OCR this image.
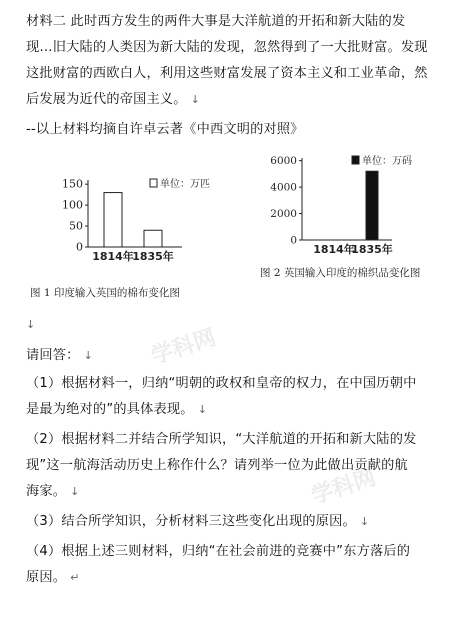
材料二 此时西方发生的两件大事是大洋航道的开拓和新大陆的发
现…旧大陆的人类因为新大陆的发现，忽然得到了一大批财富。发现
这批财富的西欧白人，利用这些财富发展了资本主义和工业革命，然
后发展为近代的帝国主义。 ↓
--以上材料均摘自许卓云著《中西文明的对照》
0
50
100
150
1814年
1835年
单位：万匹
图 1 印度输入英国的棉布变化图
0
2000
4000
6000
1814年
1835年
单位：万码
图 2 英国输入印度的棉织品变化图
学科网
学科网
↓
请回答： ↓
（1）根据材料一，归纳“明朝的政权和皇帝的权力，在中国历朝中
是最为绝对的”的具体表现。 ↓
（2）根据材料二并结合所学知识，“大洋航道的开拓和新大陆的发
现”这一航海活动历史上称作什么？请列举一位为此做出贡献的航
海家。 ↓
（3）结合所学知识，分析材料三这些变化出现的原因。 ↓
（4）根据上述三则材料，归纳“在社会前进的竞赛中”东方落后的
原因。 ↵
